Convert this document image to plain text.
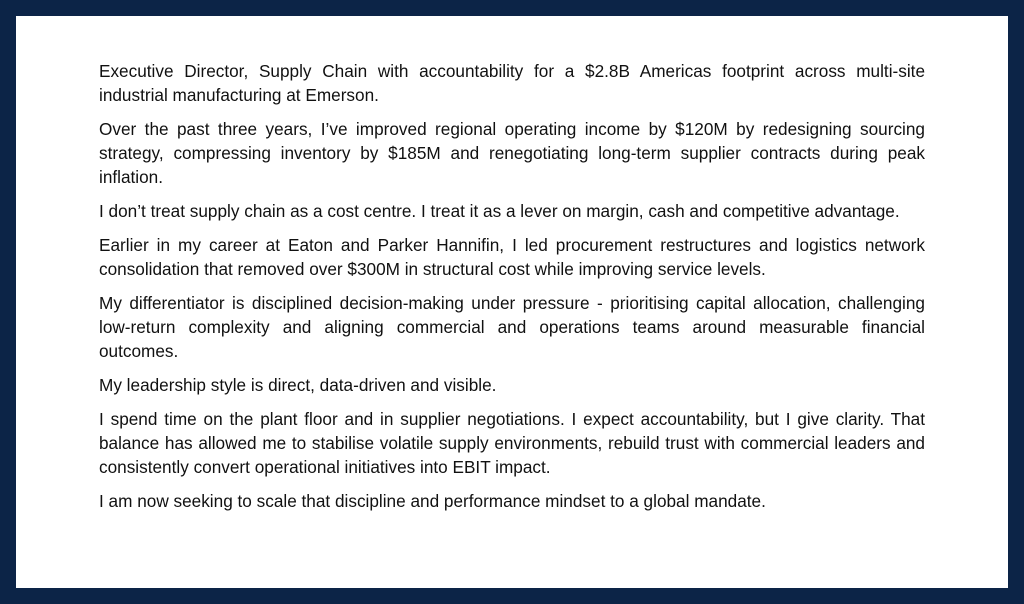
Executive Director, Supply Chain with accountability for a $2.8B Americas footprint across multi-site industrial manufacturing at Emerson.

Over the past three years, I’ve improved regional operating income by $120M by redesigning sourcing strategy, compressing inventory by $185M and renegotiating long-term supplier contracts during peak inflation.

I don’t treat supply chain as a cost centre. I treat it as a lever on margin, cash and competitive advantage.

Earlier in my career at Eaton and Parker Hannifin, I led procurement restructures and logistics network consolidation that removed over $300M in structural cost while improving service levels.

My differentiator is disciplined decision-making under pressure - prioritising capital allocation, challenging low-return complexity and aligning commercial and operations teams around measurable financial outcomes.

My leadership style is direct, data-driven and visible.

I spend time on the plant floor and in supplier negotiations. I expect accountability, but I give clarity. That balance has allowed me to stabilise volatile supply environments, rebuild trust with commercial leaders and consistently convert operational initiatives into EBIT impact.

I am now seeking to scale that discipline and performance mindset to a global mandate.
